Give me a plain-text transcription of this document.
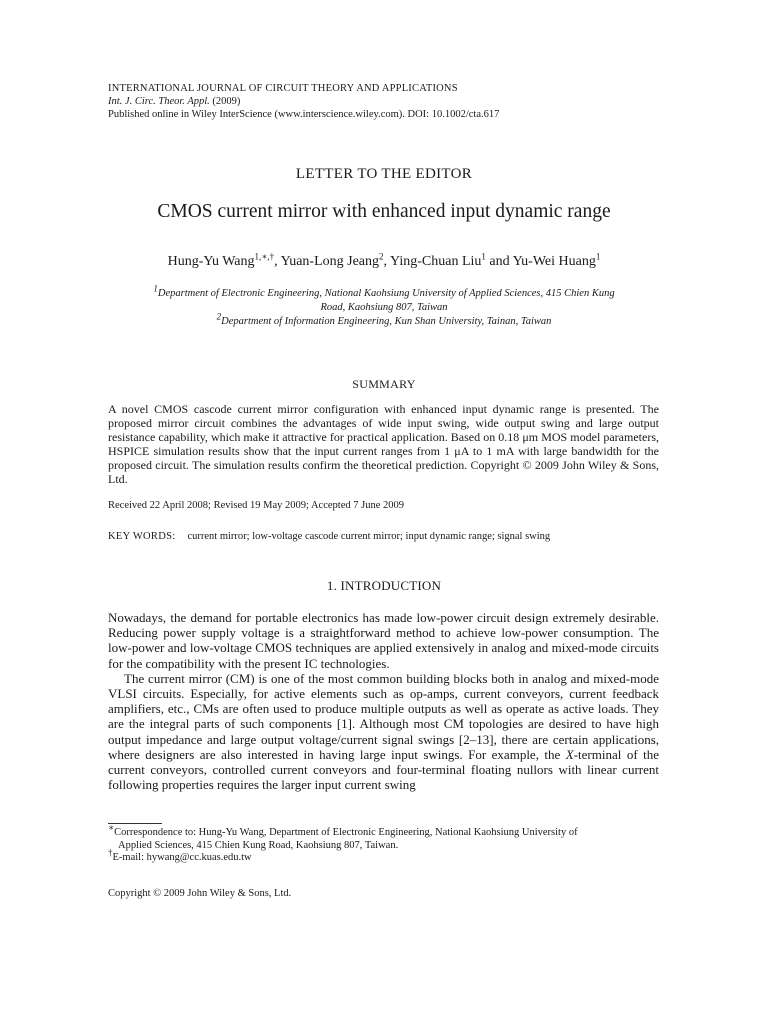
INTERNATIONAL JOURNAL OF CIRCUIT THEORY AND APPLICATIONS
Int. J. Circ. Theor. Appl. (2009)
Published online in Wiley InterScience (www.interscience.wiley.com). DOI: 10.1002/cta.617
LETTER TO THE EDITOR
CMOS current mirror with enhanced input dynamic range
Hung-Yu Wang$^{1,∗,\dagger}$, Yuan-Long Jeang$^2$, Ying-Chuan Liu$^1$ and Yu-Wei Huang$^1$
$^1$Department of Electronic Engineering, National Kaohsiung University of Applied Sciences, 415 Chien Kung
Road, Kaohsiung 807, Taiwan
$^2$Department of Information Engineering, Kun Shan University, Tainan, Taiwan
SUMMARY
A novel CMOS cascode current mirror configuration with enhanced input dynamic range is presented. The proposed mirror circuit combines the advantages of wide input swing, wide output swing and large output resistance capability, which make it attractive for practical application. Based on 0.18 μm MOS model parameters, HSPICE simulation results show that the input current ranges from 1 μA to 1 mA with large bandwidth for the proposed circuit. The simulation results confirm the theoretical prediction. Copyright © 2009 John Wiley & Sons, Ltd.
Received 22 April 2008; Revised 19 May 2009; Accepted 7 June 2009
KEY WORDS: current mirror; low-voltage cascode current mirror; input dynamic range; signal swing
1. INTRODUCTION

Nowadays, the demand for portable electronics has made low-power circuit design extremely desirable. Reducing power supply voltage is a straightforward method to achieve low-power consumption. The low-power and low-voltage CMOS techniques are applied extensively in analog and mixed-mode circuits for the compatibility with the present IC technologies.

The current mirror (CM) is one of the most common building blocks both in analog and mixed-mode VLSI circuits. Especially, for active elements such as op-amps, current conveyors, current feedback amplifiers, etc., CMs are often used to produce multiple outputs as well as operate as active loads. They are the integral parts of such components [1]. Although most CM topologies are desired to have high output impedance and large output voltage/current signal swings [2–13], there are certain applications, where designers are also interested in having large input swings. For example, the X-terminal of the current conveyors, controlled current conveyors and four-terminal floating nullors with linear current following properties requires the larger input current swing

∗Correspondence to: Hung-Yu Wang, Department of Electronic Engineering, National Kaohsiung University of
Applied Sciences, 415 Chien Kung Road, Kaohsiung 807, Taiwan.
†E-mail: hywang@cc.kuas.edu.tw
Copyright © 2009 John Wiley & Sons, Ltd.
